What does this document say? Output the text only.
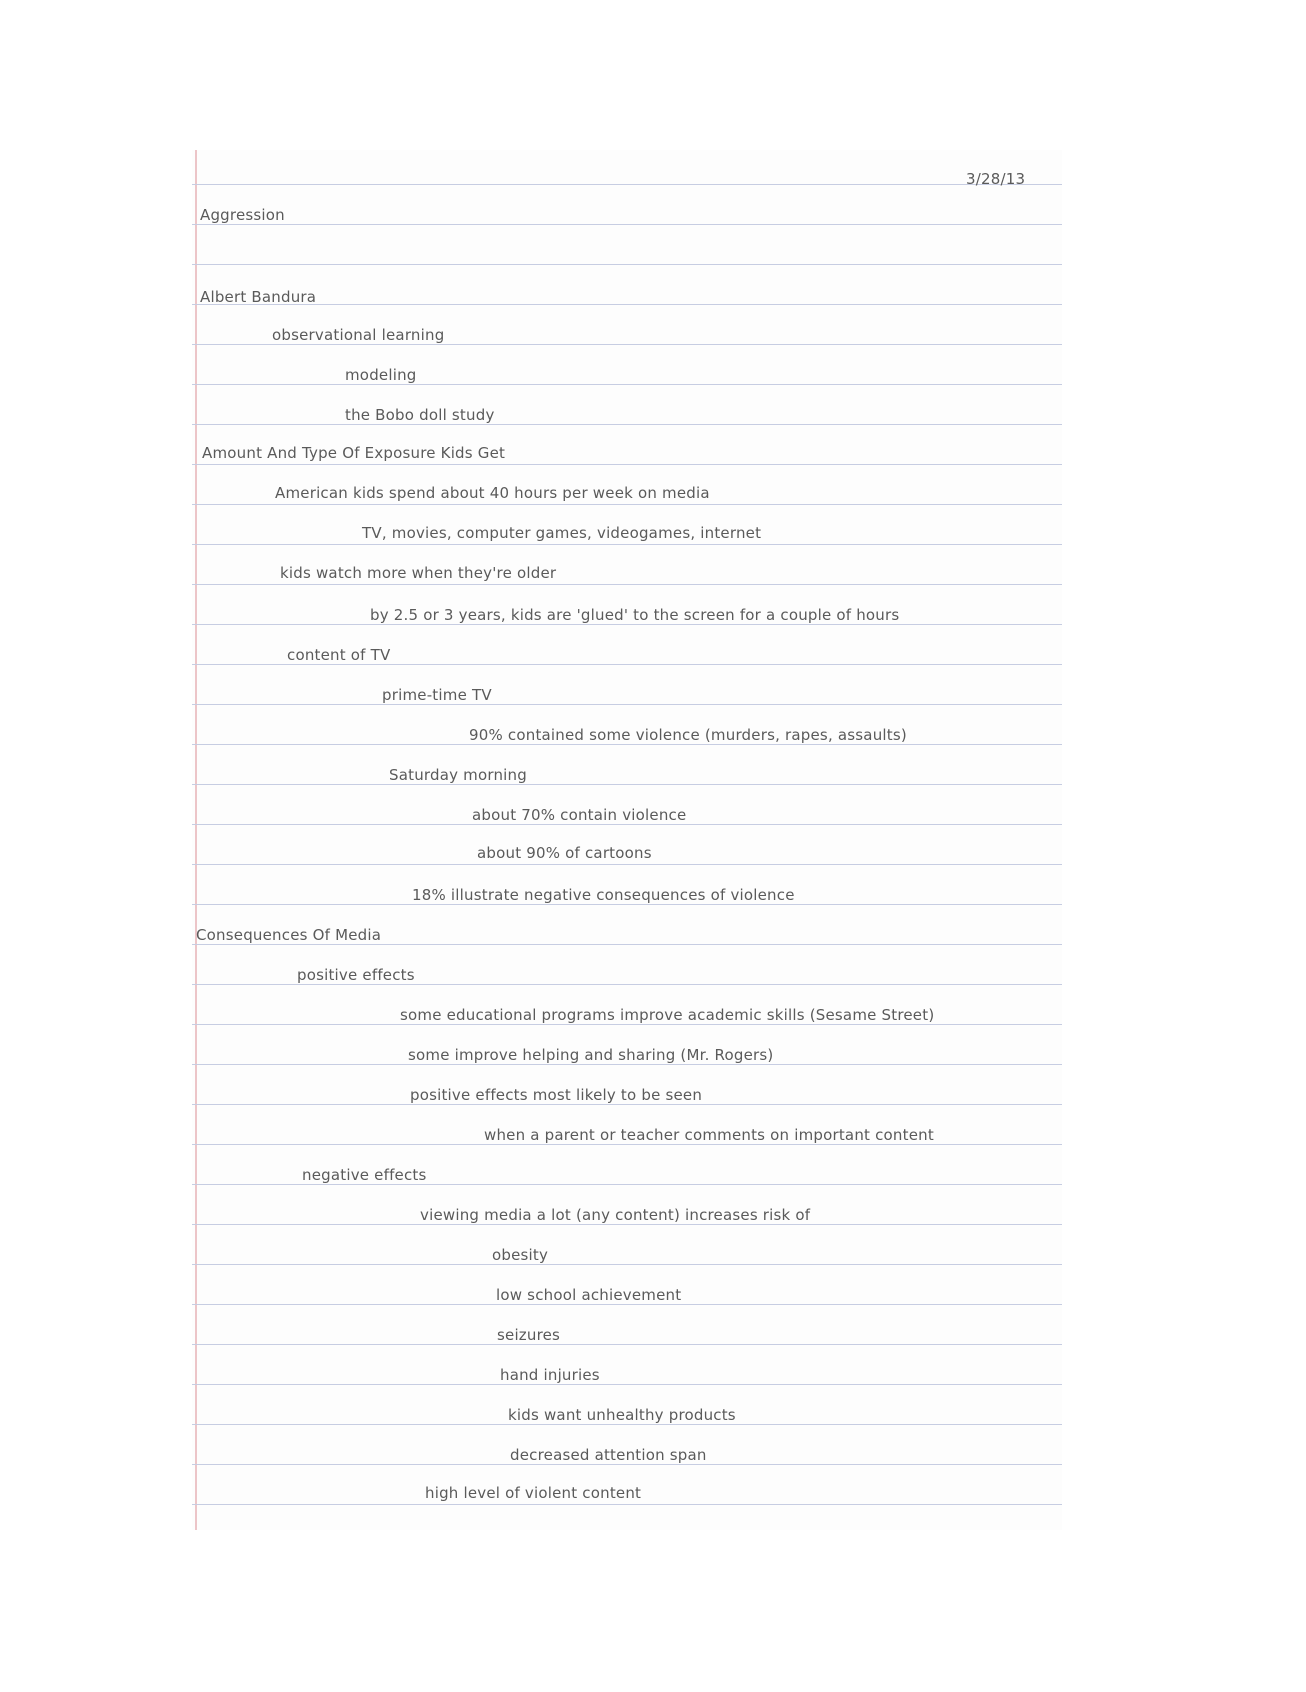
3/28/13
Aggression
Albert Bandura
observational learning
modeling
the Bobo doll study
Amount And Type Of Exposure Kids Get
American kids spend about 40 hours per week on media
TV, movies, computer games, videogames, internet
kids watch more when they're older
by 2.5 or 3 years, kids are 'glued' to the screen for a couple of hours
content of TV
prime-time TV
90% contained some violence (murders, rapes, assaults)
Saturday morning
about 70% contain violence
about 90% of cartoons
18% illustrate negative consequences of violence
Consequences Of Media
positive effects
some educational programs improve academic skills (Sesame Street)
some improve helping and sharing (Mr. Rogers)
positive effects most likely to be seen
when a parent or teacher comments on important content
negative effects
viewing media a lot (any content) increases risk of
obesity
low school achievement
seizures
hand injuries
kids want unhealthy products
decreased attention span
high level of violent content
